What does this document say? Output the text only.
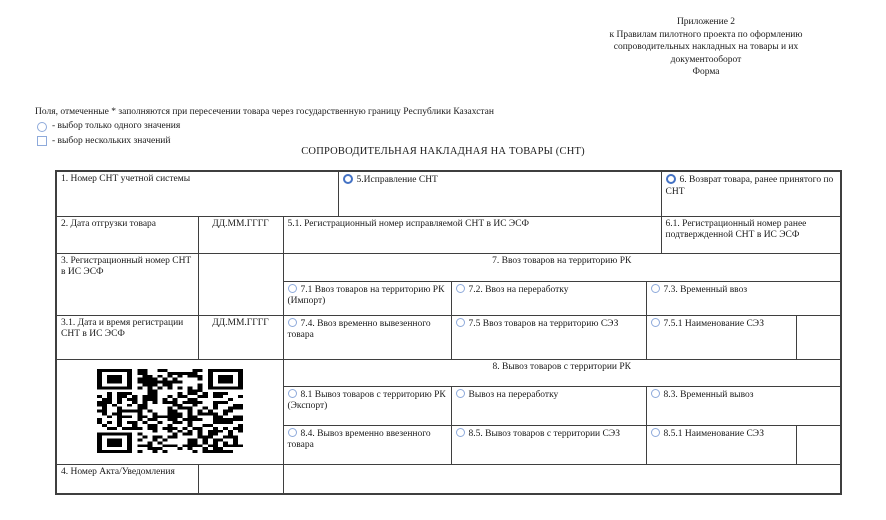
Приложение 2
к Правилам пилотного проекта по оформлению
сопроводительных накладных на товары и их
документооборот
Форма
Поля, отмеченные * заполняются при пересечении товара через государственную границу Республики Казахстан
- выбор только одного значения
- выбор нескольких значений
СОПРОВОДИТЕЛЬНАЯ НАКЛАДНАЯ НА ТОВАРЫ (СНТ)
1. Номер СНТ учетной системы			5.Исправление СНТ			6. Возврат товара, ранее принятого по СНТ	
2. Дата отгрузки товара	ДД.ММ.ГГГГ	5.1. Регистрационный номер исправляемой СНТ в ИС ЭСФ				6.1. Регистрационный номер ранее подтвержденной СНТ в ИС ЭСФ	
3. Регистрационный номер СНТ в ИС ЭСФ		7. Ввоз товаров на территорию РК					
		7.1 Ввоз товаров на территорию РК (Импорт)		7.2. Ввоз на переработку	7.3. Временный ввоз		
3.1. Дата и время регистрации СНТ в ИС ЭСФ	ДД.ММ.ГГГГ	7.4. Ввоз временно вывезенного товара		7.5 Ввоз товаров на территорию СЭЗ	7.5.1 Наименование СЭЗ		

	8. Вывоз товаров с территории РК					
		8.1 Вывоз товаров с территорию РК (Экспорт)		Вывоз на переработку	8.3. Временный вывоз		
		8.4. Вывоз временно ввезенного товара		8.5. Вывоз товаров с территории СЭЗ	8.5.1 Наименование СЭЗ		
4. Номер Акта/Уведомления							
